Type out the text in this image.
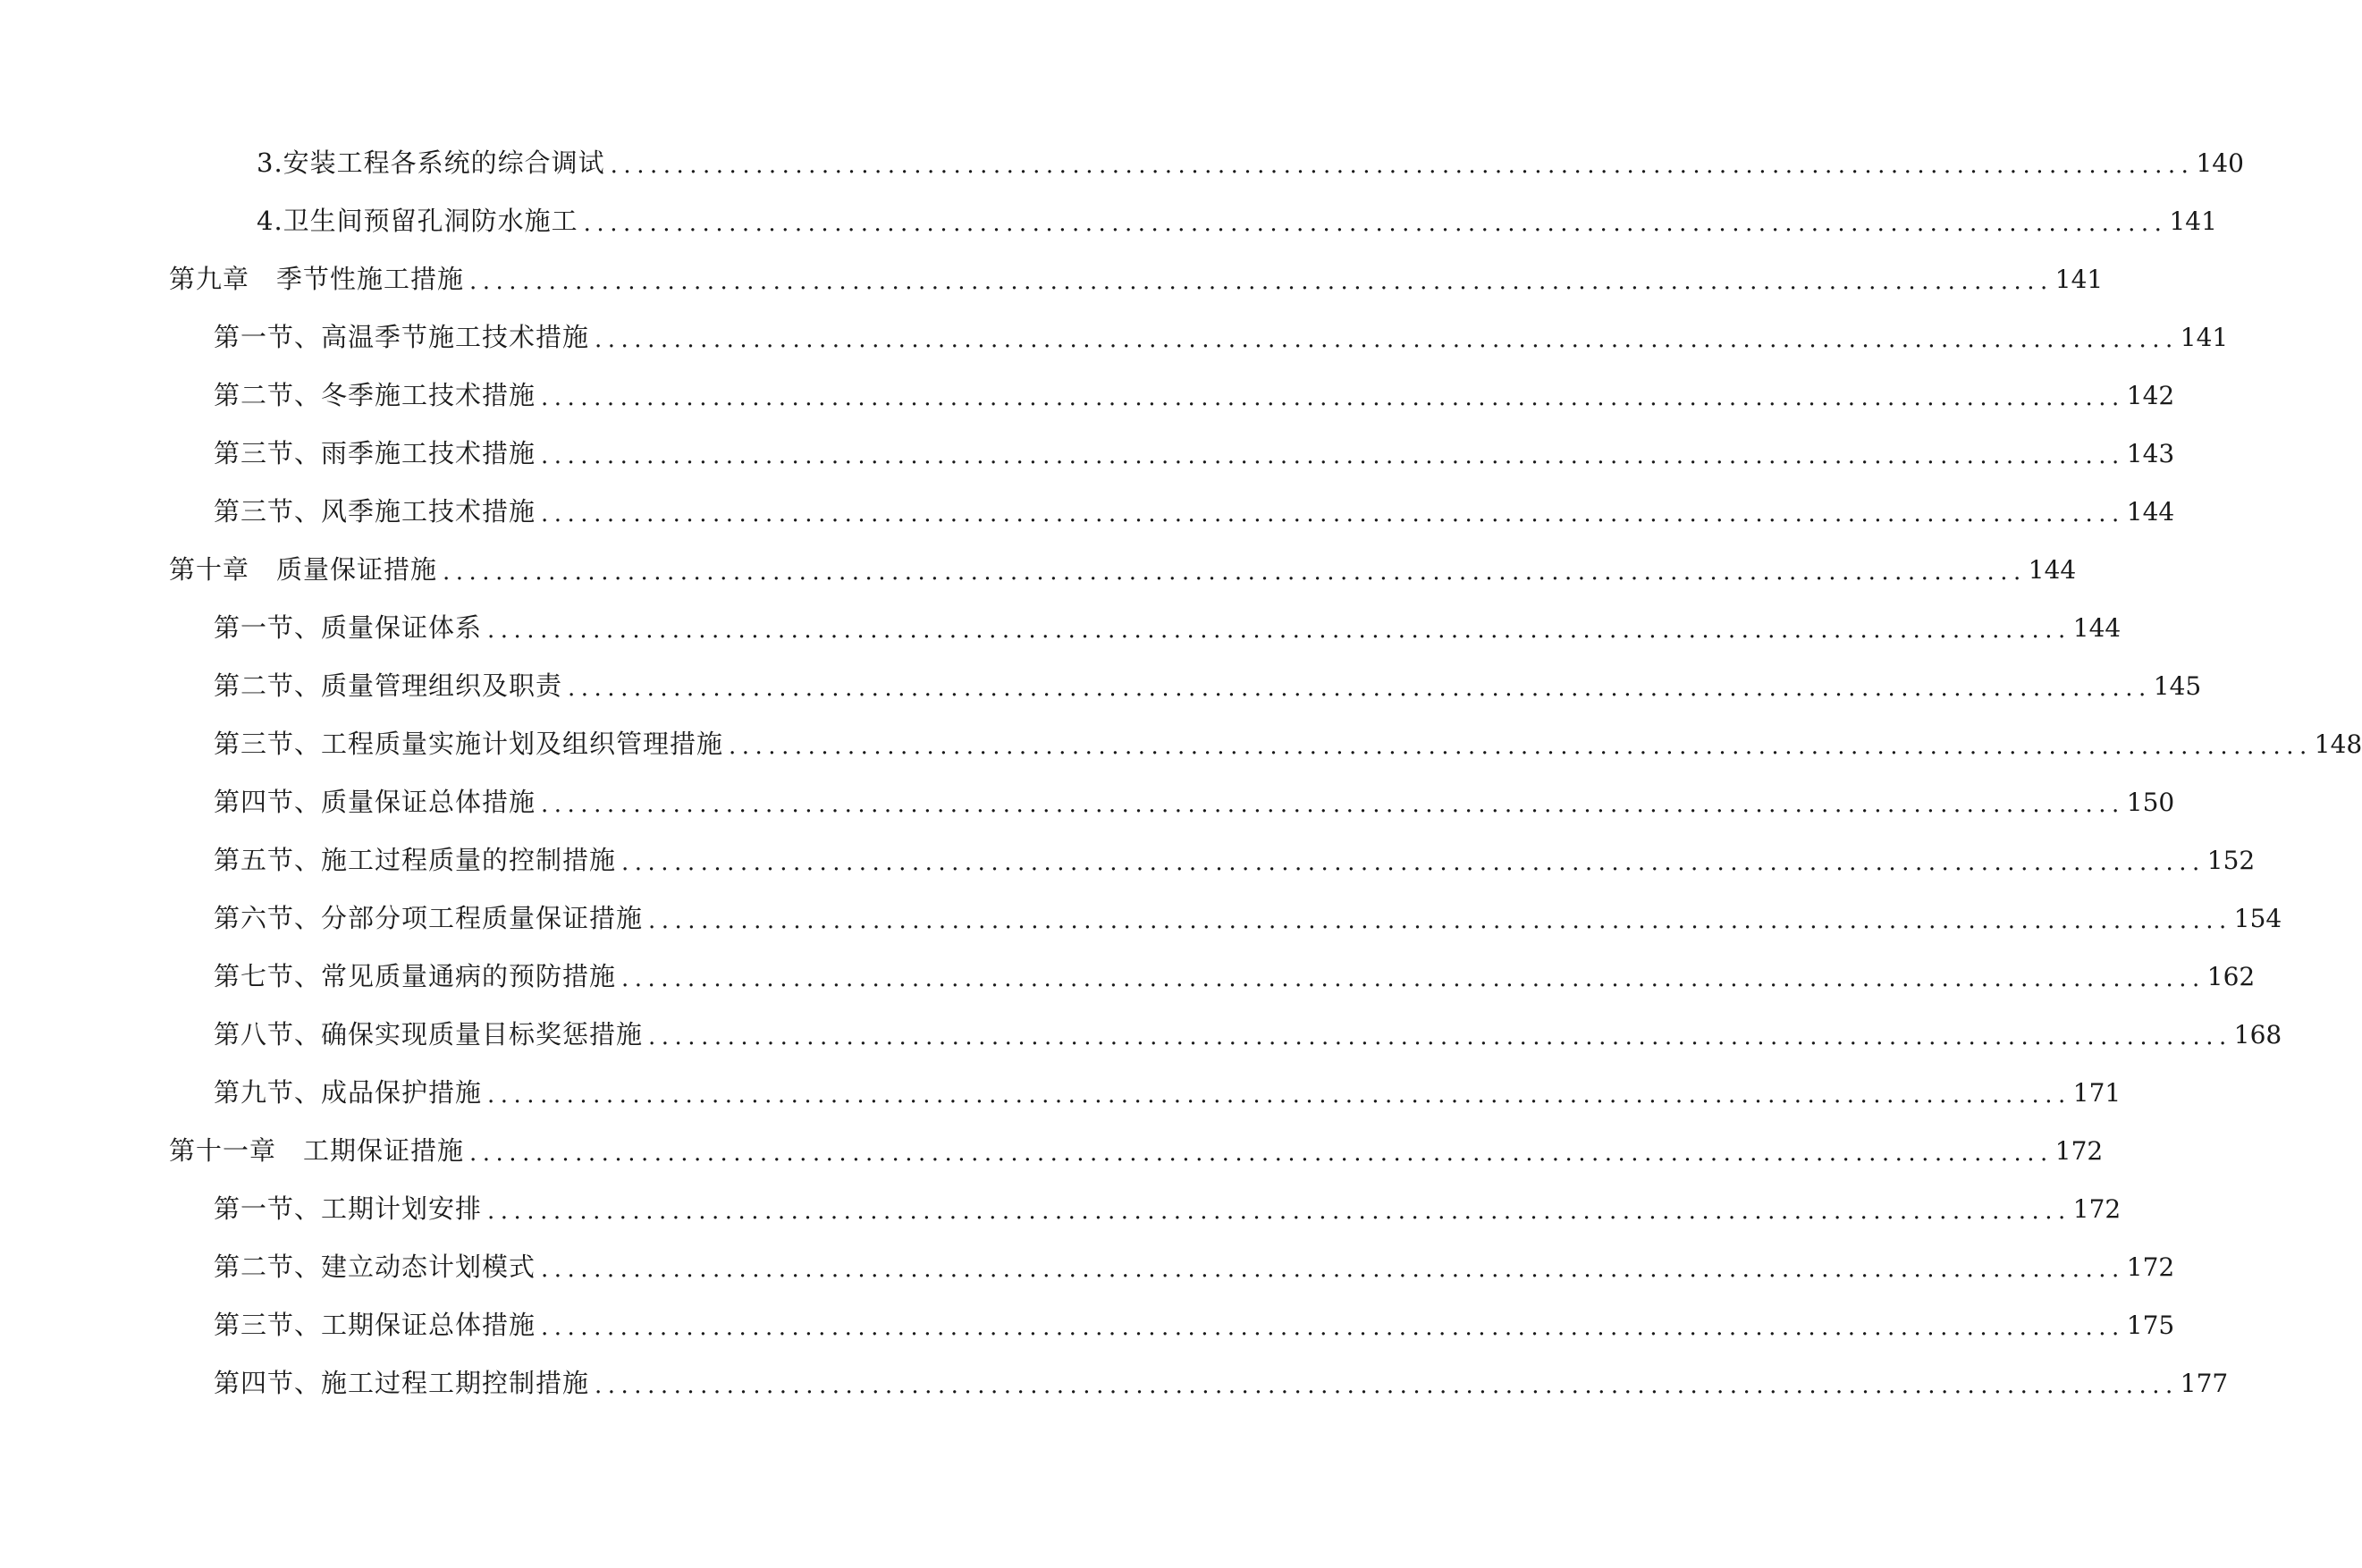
3.安装工程各系统的综合调试 ........................................................................................................................ 140
4.卫生间预留孔洞防水施工 ........................................................................................................................ 141
第九章　季节性施工措施 ........................................................................................................................ 141
第一节、高温季节施工技术措施 ........................................................................................................................ 141
第二节、冬季施工技术措施 ........................................................................................................................ 142
第三节、雨季施工技术措施 ........................................................................................................................ 143
第三节、风季施工技术措施 ........................................................................................................................ 144
第十章　质量保证措施 ........................................................................................................................ 144
第一节、质量保证体系 ........................................................................................................................ 144
第二节、质量管理组织及职责 ........................................................................................................................ 145
第三节、工程质量实施计划及组织管理措施 ........................................................................................................................ 148
第四节、质量保证总体措施 ........................................................................................................................ 150
第五节、施工过程质量的控制措施 ........................................................................................................................ 152
第六节、分部分项工程质量保证措施 ........................................................................................................................ 154
第七节、常见质量通病的预防措施 ........................................................................................................................ 162
第八节、确保实现质量目标奖惩措施 ........................................................................................................................ 168
第九节、成品保护措施 ........................................................................................................................ 171
第十一章　工期保证措施 ........................................................................................................................ 172
第一节、工期计划安排 ........................................................................................................................ 172
第二节、建立动态计划模式 ........................................................................................................................ 172
第三节、工期保证总体措施 ........................................................................................................................ 175
第四节、施工过程工期控制措施 ........................................................................................................................ 177
